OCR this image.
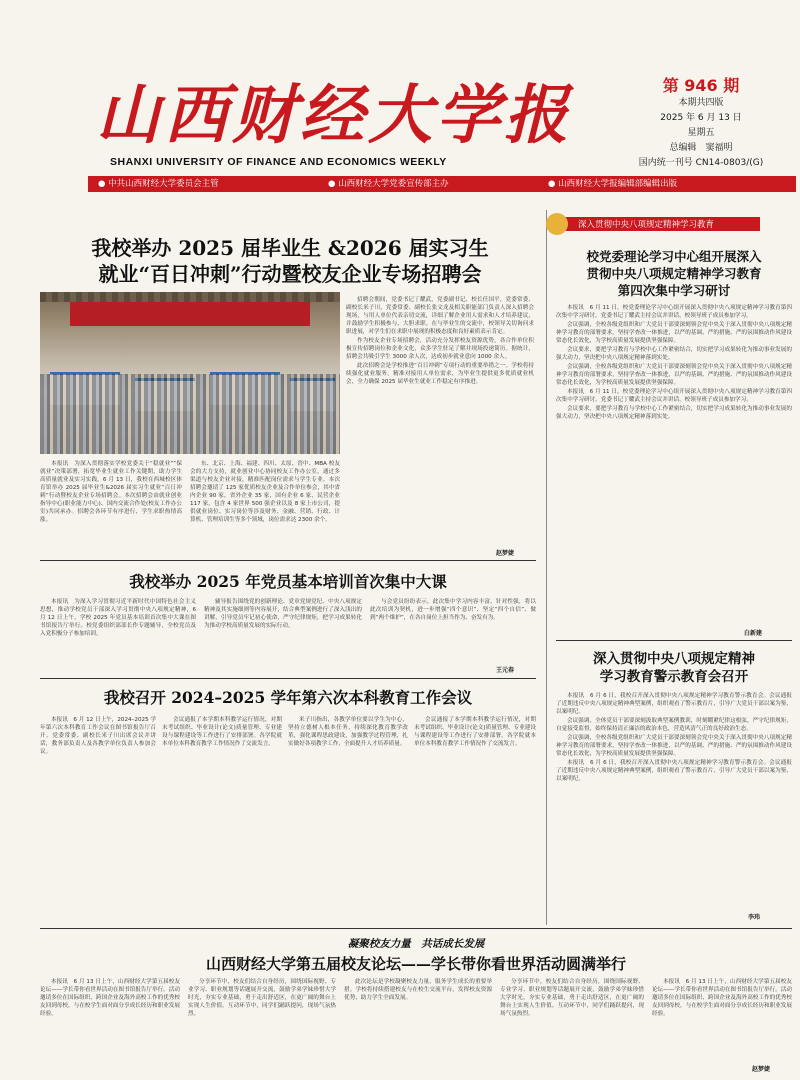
山西财经大学报
SHANXI UNIVERSITY OF FINANCE AND ECONOMICS WEEKLY
第 946 期
本期共四版
2025 年 6 月 13 日
星期五
总编辑　窦福明
国内统一刊号 CN14-0803/(G)
● 中共山西财经大学委员会主管	● 山西财经大学党委宣传部主办	● 山西财经大学报编辑部编辑出版
我校举办 2025 届毕业生 &2026 届实习生
就业“百日冲刺”行动暨校友企业专场招聘会

本报讯　为深入贯彻落实学校党委关于“稳就业”“保就业”决策部署，拓宽毕业生就业工作关键期，助力学生高质量就业及实习实践，6 月 13 日，我校在西城校区体育馆举办 2025 届毕业生&2026 届实习生就业“百日冲刺”行动暨校友企业专场招聘会。本次招聘会由就业创业指导中心(职业能力中心)、国内交流合作处(校友工作办公室)共同承办。招聘会各环节有序进行，学生求职热情高涨。

东、北京、上海、福建、四川、太原、晋中、MBA 校友会的大力支持，就业创业中心协同校友工作办公室，通过多渠道与校友企业对接，精准匹配岗位需求与学生专业。本次招聘会邀请了 125 家优质校友企业及合作单位参会，其中省内企业 90 家，省外企业 35 家，国有企业 6 家，民营企业 117 家，包含 4 家世界 500 强企业以及 8 家上市公司，提供就业岗位、实习岗位等涉及财务、金融、营销、行政、计算机、管理培训生等多个领域，岗位需求达 2300 余个。

招聘会期间，党委书记丁耀武，党委副书记、校长任国平，党委常委、副校长米子川，党委常委、副校长张文龙及相关职能部门负责人深入招聘会现场，与用人单位代表亲切交流，详细了解企业用人需求和人才培养建议，并鼓励学生积极参与、大胆求职。在与毕业生的交流中，校领导关切询问求职进展，对学生们在求职中展现的积极态度和良好素质表示肯定。

作为校友企业专场招聘会，活动充分发挥校友资源优势，各合作单位积极宣传招聘岗位和企业文化，众多学生驻足了解并现场投递简历。据统计，招聘会共吸引学生 3000 余人次，达成初步就业意向 1000 余人。

此次招聘会是学校推进“百日冲刺”专项行动的重要举措之一。学校将持续强化就业服务，精准对接用人单位需求，为毕业生提供更多优质就业机会，全力确保 2025 届毕业生就业工作稳定有序推进。

赵梦婕
我校举办 2025 年党员基本培训首次集中大课

本报讯　为深入学习贯彻习近平新时代中国特色社会主义思想，推动学校党员干部深入学习贯彻中央八项规定精神，6 月 12 日上午，学校 2025 年党员基本培训首次集中大课在图书馆报告厅举行。校党委组织部部长作专题辅导，全校党员及入党积极分子参加培训。

辅导报告围绕党的创新理论、党章党规党纪、中央八项规定精神及其实施细则等内容展开，结合典型案例进行了深入浅出的讲解，引导党员牢记初心使命，严守纪律规矩，把学习成果转化为推动学校高质量发展的实际行动。

与会党员纷纷表示，此次集中学习内容丰富、针对性强，将以此次培训为契机，进一步增强“四个意识”、坚定“四个自信”、做到“两个维护”，在各自岗位上担当作为、奋发有为。

王元春
我校召开 2024–2025 学年第六次本科教育工作会议

本报讯　6 月 12 日上午，2024–2025 学年第六次本科教育工作会议在图书馆报告厅召开。党委常委、副校长米子川出席会议并讲话，教务部负责人及各教学单位负责人参加会议。

会议通报了本学期本科教学运行情况，对期末考试组织、毕业设计(论文)质量管理、专业建设与课程建设等工作进行了安排部署。各学院就本单位本科教育教学工作情况作了交流发言。

米子川指出，各教学单位要以学生为中心，坚持立德树人根本任务，持续深化教育教学改革，强化课程思政建设，加强教学过程管理，扎实做好各项教学工作，全面提升人才培养质量。

会议通报了本学期本科教学运行情况，对期末考试组织、毕业设计(论文)质量管理、专业建设与课程建设等工作进行了安排部署。各学院就本单位本科教育教学工作情况作了交流发言。

深入贯彻中央八项规定精神学习教育
校党委理论学习中心组开展深入
贯彻中央八项规定精神学习教育
第四次集中学习研讨

本报讯　6 月 11 日，校党委理论学习中心组开展深入贯彻中央八项规定精神学习教育第四次集中学习研讨。党委书记丁耀武主持会议并讲话，校领导班子成员参加学习。

会议强调，全校各级党组织和广大党员干部要深刻领会党中央关于深入贯彻中央八项规定精神学习教育的部署要求，坚持学查改一体推进，以严的基调、严的措施、严的氛围推动作风建设常态化长效化，为学校高质量发展提供坚强保障。

会议要求，要把学习教育与学校中心工作紧密结合，切实把学习成果转化为推动事业发展的强大动力，坚决把中央八项规定精神落到实处。

会议强调，全校各级党组织和广大党员干部要深刻领会党中央关于深入贯彻中央八项规定精神学习教育的部署要求，坚持学查改一体推进，以严的基调、严的措施、严的氛围推动作风建设常态化长效化，为学校高质量发展提供坚强保障。

本报讯　6 月 11 日，校党委理论学习中心组开展深入贯彻中央八项规定精神学习教育第四次集中学习研讨。党委书记丁耀武主持会议并讲话，校领导班子成员参加学习。

会议要求，要把学习教育与学校中心工作紧密结合，切实把学习成果转化为推动事业发展的强大动力，坚决把中央八项规定精神落到实处。

白新建
深入贯彻中央八项规定精神
学习教育警示教育会召开

本报讯　6 月 6 日，我校召开深入贯彻中央八项规定精神学习教育警示教育会。会议通报了近期违反中央八项规定精神典型案例，组织观看了警示教育片，引导广大党员干部以案为鉴、以案明纪。

会议强调，全体党员干部要深刻汲取典型案例教训，时刻绷紧纪律这根弦，严守纪律规矩，自觉接受监督，始终保持清正廉洁的政治本色，营造风清气正的良好政治生态。

会议强调，全校各级党组织和广大党员干部要深刻领会党中央关于深入贯彻中央八项规定精神学习教育的部署要求，坚持学查改一体推进，以严的基调、严的措施、严的氛围推动作风建设常态化长效化，为学校高质量发展提供坚强保障。

本报讯　6 月 6 日，我校召开深入贯彻中央八项规定精神学习教育警示教育会。会议通报了近期违反中央八项规定精神典型案例，组织观看了警示教育片，引导广大党员干部以案为鉴、以案明纪。

李玮
凝聚校友力量　共话成长发展
山西财经大学第五届校友论坛——学长带你看世界活动圆满举行

本报讯　6 月 13 日上午，山西财经大学第五届校友论坛——学长带你看世界活动在图书馆报告厅举行。活动邀请多位在国际组织、跨国企业及海外高校工作的优秀校友回到母校，与在校学生面对面分享成长经历和职业发展经验。

分享环节中，校友们结合自身经历，围绕国际视野、专业学习、职业规划等话题展开交流，鼓励学弟学妹珍惜大学时光，夯实专业基础，勇于走出舒适区，在更广阔的舞台上实现人生价值。互动环节中，同学们踊跃提问，现场气氛热烈。

此次论坛是学校凝聚校友力量、服务学生成长的重要举措。学校将持续搭建校友与在校生交流平台，发挥校友资源优势，助力学生全面发展。

分享环节中，校友们结合自身经历，围绕国际视野、专业学习、职业规划等话题展开交流，鼓励学弟学妹珍惜大学时光，夯实专业基础，勇于走出舒适区，在更广阔的舞台上实现人生价值。互动环节中，同学们踊跃提问，现场气氛热烈。

本报讯　6 月 13 日上午，山西财经大学第五届校友论坛——学长带你看世界活动在图书馆报告厅举行。活动邀请多位在国际组织、跨国企业及海外高校工作的优秀校友回到母校，与在校学生面对面分享成长经历和职业发展经验。

赵梦婕
